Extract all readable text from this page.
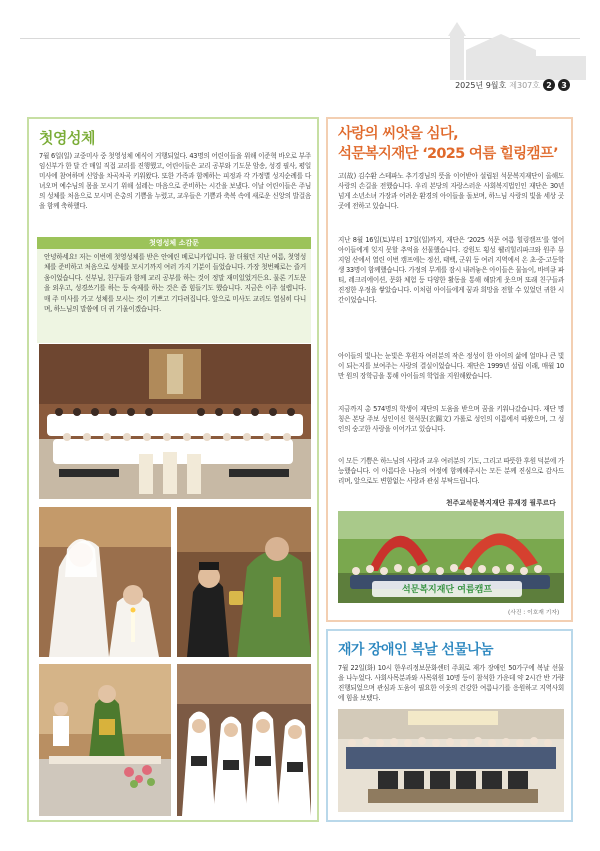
2025년 9월호 제307호 2	3
첫영성체

7월 6일(일) 교중미사 중 첫영성체 예식이 거행되었다. 43명의 어린이들을 위해 이준혁 바오로 부주임신부가 한 달 간 매일 직접 교리를 진행했고, 어린이들은 교리 공부와 기도문 암송, 성경 필사, 평일 미사에 참여하며 신앙을 차곡차곡 키워왔다. 또한 가족과 함께하는 피정과 각 가정별 성지순례를 다녀오며 예수님의 몸을 모시기 위해 설레는 마음으로 준비하는 시간을 보냈다. 이날 어린이들은 주님의 성체를 처음으로 모시며 은총의 기쁨을 누렸고, 교우들은 기쁨과 축복 속에 새로운 신앙의 발걸음을 함께 축하했다.

첫영성체 소감문

안녕하세요! 저는 이번에 첫영성체를 받은 안예린 베로니카입니다. 참 더웠던 지난 여름, 첫영성체를 준비하고 처음으로 성체를 모시기까지 여러 가지 기분이 들었습니다. 가장 첫번째로는 즐거움이었습니다. 신부님, 친구들과 함께 교리 공부를 하는 것이 정말 재미있었거든요. 물론 기도문을 외우고, 성경쓰기를 하는 등 숙제를 하는 것은 좀 힘들기도 했습니다. 지금은 이주 설렙니다. 매 주 미사를 가고 성체를 모시는 것이 기쁘고 기다려집니다. 앞으로 미사도 교리도 열심히 다니며, 하느님의 말씀에 더 귀 기울이겠습니다.

사랑의 씨앗을 심다,
석문복지재단 ‘2025 여름 힐링캠프’

고(故) 김수환 스테파노 추기경님의 뜻을 이어받아 설립된 석문복지재단이 올해도 사랑의 손길을 전했습니다. 우리 본당의 자랑스러운 사회복지법인인 재단은 30년 넘게 소년소녀 가장과 어려운 환경의 아이들을 돌보며, 하느님 사랑의 빛을 세상 곳곳에 전하고 있습니다.

지난 8월 16일(토)부터 17일(일)까지, 재단은 ‘2025 석문 여름 힐링캠프’를 열어 아이들에게 잊지 못할 추억을 선물했습니다. 강원도 횡성 웰리힐리파크와 원주 뮤지엄 산에서 열린 이번 캠프에는 정선, 태백, 군위 등 여러 지역에서 온 초·중·고등학생 33명이 함께했습니다. 가정의 무게를 잠시 내려놓은 아이들은 물놀이, 바비큐 파티, 레크리에이션, 문화 체험 등 다양한 활동을 통해 해맑게 웃으며 또래 친구들과 진정한 우정을 쌓았습니다. 이처럼 아이들에게 꿈과 희망을 전할 수 있었던 귀한 시간이었습니다.

아이들의 빛나는 눈빛은 후원자 여러분의 작은 정성이 한 아이의 삶에 얼마나 큰 빛이 되는지를 보여주는 사랑의 결실이었습니다. 재단은 1999년 설립 이래, 매월 10만 원의 장학금을 통해 아이들의 학업을 지원해왔습니다.

지금까지 총 574명의 학생이 재단의 도움을 받으며 꿈을 키워나갔습니다. 재단 명칭은 본당 주보 성인이신 현석문(玄錫文) 가롤로 성인의 이름에서 따왔으며, 그 성인의 숭고한 사랑을 이어가고 있습니다.

이 모든 기쁨은 하느님의 사랑과 교우 여러분의 기도, 그리고 따뜻한 후원 덕분에 가능했습니다. 이 아름다운 나눔의 여정에 함께해주시는 모든 분께 진심으로 감사드리며, 앞으로도 변함없는 사랑과 관심 부탁드립니다.

천주교석문복지재단 류재경 필루르다
석문복지재단 여름캠프
(사진 : 이호재 기자)
재가 장애인 복날 선물나눔

7월 22일(화) 10시 한우리정보문화센터 주최로 재가 장애인 50가구에 복날 선물을 나누었다. 사회사목분과와 사목위원 10명 등이 참석한 가운데 약 2시간 반 가량 진행되었으며 관심과 도움이 필요한 이웃의 건강한 여름나기를 응원하고 지역사회에 힘을 보탰다.
